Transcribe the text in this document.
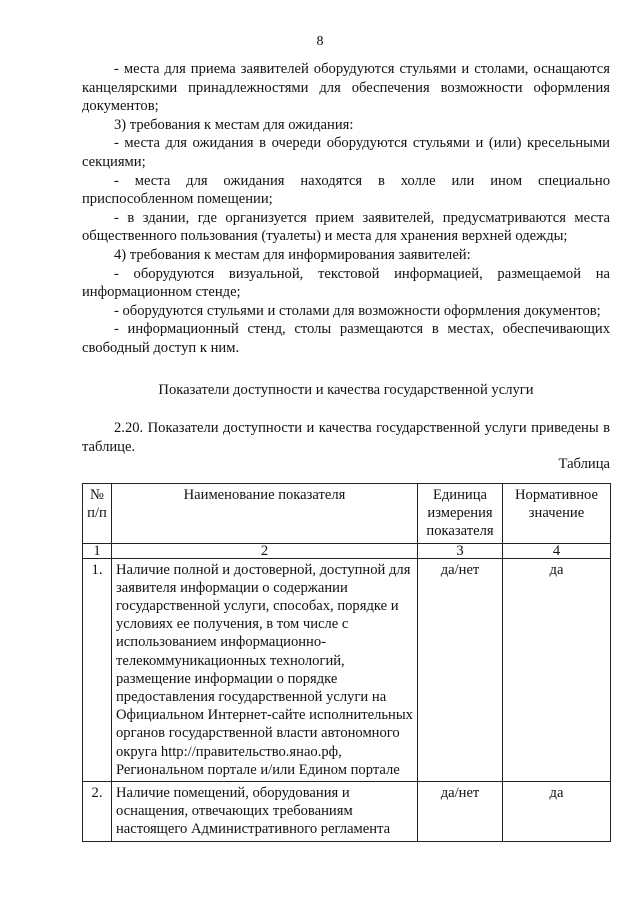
8

- места для приема заявителей оборудуются стульями и столами, оснащаются канцелярскими принадлежностями для обеспечения возможности оформления документов;

3) требования к местам для ожидания:

- места для ожидания в очереди оборудуются стульями и (или) кресельными секциями;

- места для ожидания находятся в холле или ином специально приспособленном помещении;

- в здании, где организуется прием заявителей, предусматриваются места общественного пользования (туалеты) и места для хранения верхней одежды;

4) требования к местам для информирования заявителей:

- оборудуются визуальной, текстовой информацией, размещаемой на информационном стенде;

- оборудуются стульями и столами для возможности оформления документов;

- информационный стенд, столы размещаются в местах, обеспечивающих свободный доступ к ним.

Показатели доступности и качества государственной услуги

2.20. Показатели доступности и качества государственной услуги приведены в таблице.

Таблица
№ п/п	Наименование показателя	Единица измерения показателя	Нормативное значение
1	2	3	4
1.	Наличие полной и достоверной, доступной для заявителя информации о содержании государственной услуги, способах, порядке и условиях ее получения, в том числе с использованием информационно-телекоммуникационных технологий, размещение информации о порядке предоставления государственной услуги на Официальном Интернет-сайте исполнительных органов государственной власти автономного округа http://правительство.янао.рф, Региональном портале и/или Едином портале	да/нет	да
2.	Наличие помещений, оборудования и оснащения, отвечающих требованиям настоящего Административного регламента	да/нет	да
